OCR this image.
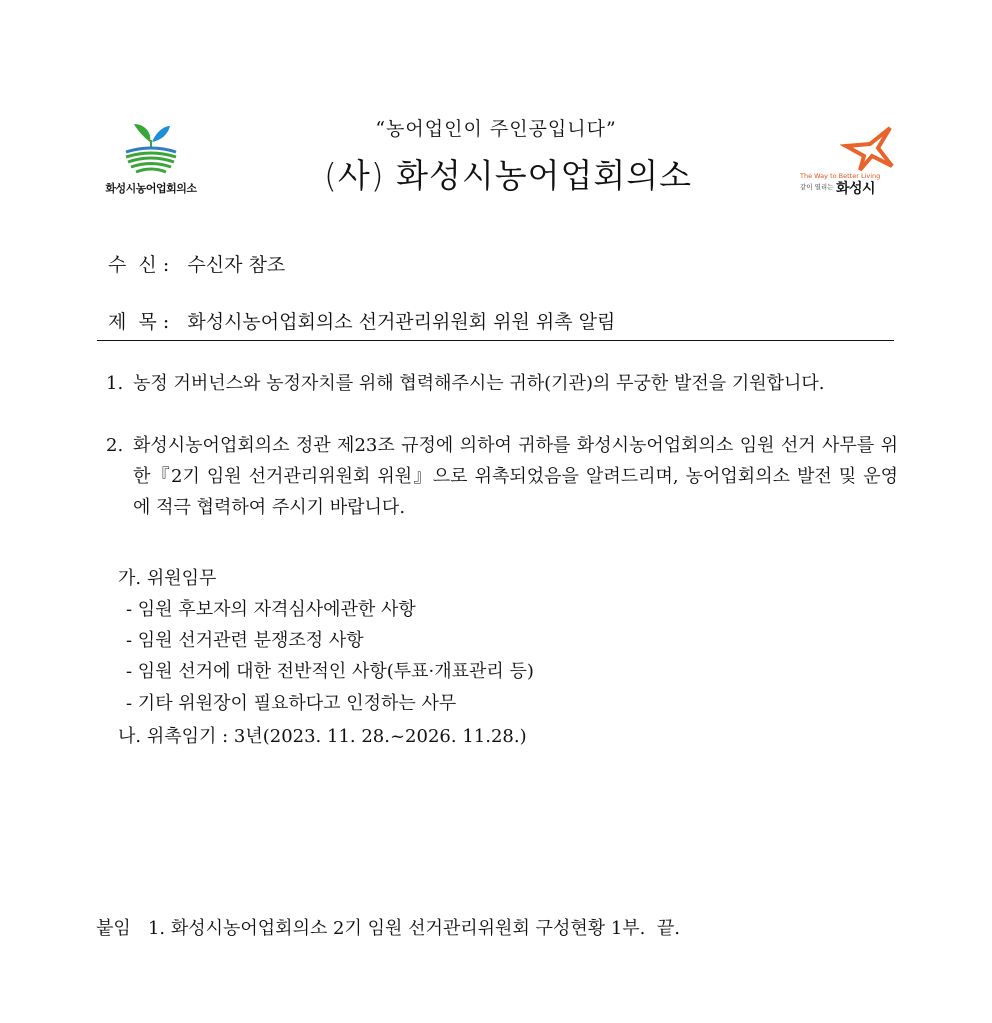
“농어업인이 주인공입니다”
(사) 화성시농어업회의소
화성시농어업회의소
The Way to Better Living
같이 열리는 화성시
수  신 : 수신자 참조
제  목 : 화성시농어업회의소 선거관리위원회 위원 위촉 알림
1. 농정 거버넌스와 농정자치를 위해 협력해주시는 귀하(기관)의 무궁한 발전을 기원합니다.
2. 화성시농어업회의소 정관 제23조 규정에 의하여 귀하를 화성시농어업회의소 임원 선거 사무를 위한『2기 임원 선거관리위원회 위원』으로 위촉되었음을 알려드리며, 농어업회의소 발전 및 운영에 적극 협력하여 주시기 바랍니다.
가. 위원임무
- 임원 후보자의 자격심사에관한 사항
- 임원 선거관련 분쟁조정 사항
- 임원 선거에 대한 전반적인 사항(투표·개표관리 등)
- 기타 위원장이 필요하다고 인정하는 사무
나. 위촉임기 : 3년(2023. 11. 28.~2026. 11.28.)
붙임 1. 화성시농어업회의소 2기 임원 선거관리위원회 구성현황 1부.  끝.
